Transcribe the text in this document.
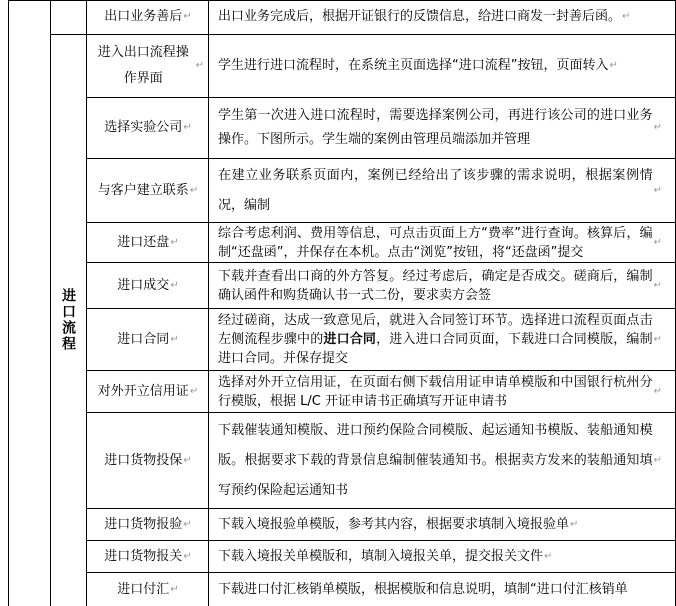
进口流程
出口业务善后 ↵ 出口业务完成后，根据开证银行的反馈信息，给进口商发一封善后函。 ↵
进入出口流程操作界面
↵ 学生进行进口流程时，在系统主页面选择“进口流程”按钮，页面转入 ↵
选择实验公司 ↵
学生第一次进入进口流程时，需要选择案例公司，再进行该公司的进口业务操作。下图所示。学生端的案例由管理员端添加并管理
↵
与客户建立联系 ↵
在建立业务联系页面内，案例已经给出了该步骤的需求说明，根据案例情况，编制
↵
进口还盘 ↵
综合考虑利润、费用等信息，可点击页面上方“费率”进行查询。核算后，编制“还盘函”，并保存在本机。点击“浏览”按钮，将“还盘函”提交
↵
进口成交 ↵
下载并查看出口商的外方答复。经过考虑后，确定是否成交。磋商后，编制确认函件和购货确认书一式二份，要求卖方会签
↵
进口合同 ↵
经过磋商，达成一致意见后，就进入合同签订环节。选择进口流程页面点击左侧流程步骤中的进口合同，进入进口合同页面，下载进口合同模版，编制进口合同。并保存提交
↵
对外开立信用证 ↵
选择对外开立信用证，在页面右侧下载信用证申请单模版和中国银行杭州分行模版，根据 L/C 开证申请书正确填写开证申请书
↵
进口货物投保 ↵
下载催装通知模版、进口预约保险合同模版、起运通知书模版、装船通知模版。根据要求下载的背景信息编制催装通知书。根据卖方发来的装船通知填写预约保险起运通知书
↵
进口货物报验 ↵ 下载入境报验单模版，参考其内容，根据要求填制入境报验单 ↵
进口货物报关 ↵ 下载入境报关单模版和，填制入境报关单，提交报关文件 ↵
进口付汇 ↵	下载进口付汇核销单模版，根据模版和信息说明，填制“进口付汇核销单
